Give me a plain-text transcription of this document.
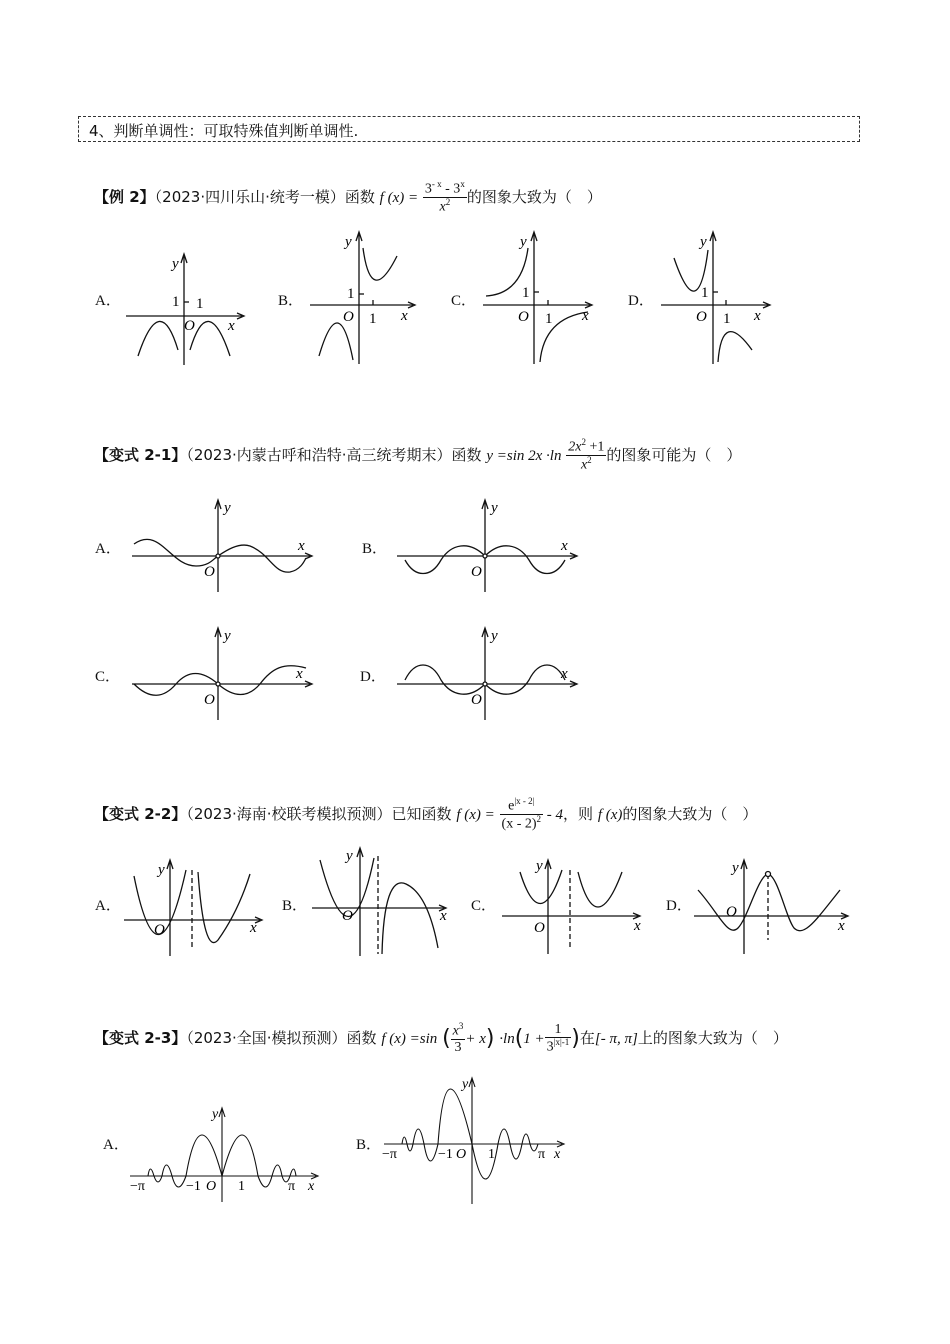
4、判断单调性：可取特殊值判断单调性.
【例 2】（2023·四川乐山·统考一模）函数 f $(x) = \frac{3^{- x} - 3^x}{x^2}$ 的图象大致为（　）
A．	B．	C．	D．
y
x
1 1
O
y
x
1
1
O
y
x
1
1
O
y
x
1
1
O
【变式 2-1】（2023·内蒙古呼和浩特·高三统考期末）函数 y =sin $2x \cdot\ln \frac{2x^2 +1}{x^2}$ 的图象可能为（　）
A．	B．
C．	D．
y
x
O
y
x
O
y
x
O
y
x
O
【变式 2-2】（2023·海南·校联考模拟预测）已知函数 f $(x) = \frac{e^{|x - 2|}}{(x - 2)^2} - 4$，则 f (x)的图象大致为（　）
A．	B．	C．	D．
y
x
O
y
x
O
y
x
O
y
x
O
【变式 2-3】（2023·全国·模拟预测）函数 f (x) =sin ( $\frac{x^3}{3} + x) \cdot\ln(1 + \frac{1}{3^{|x|-1}}$ )在[- π, π]上的图象大致为（　）
A．	B．
y
x
−π	−1 O 1	π
y
x
−π	−1 O 1	π
